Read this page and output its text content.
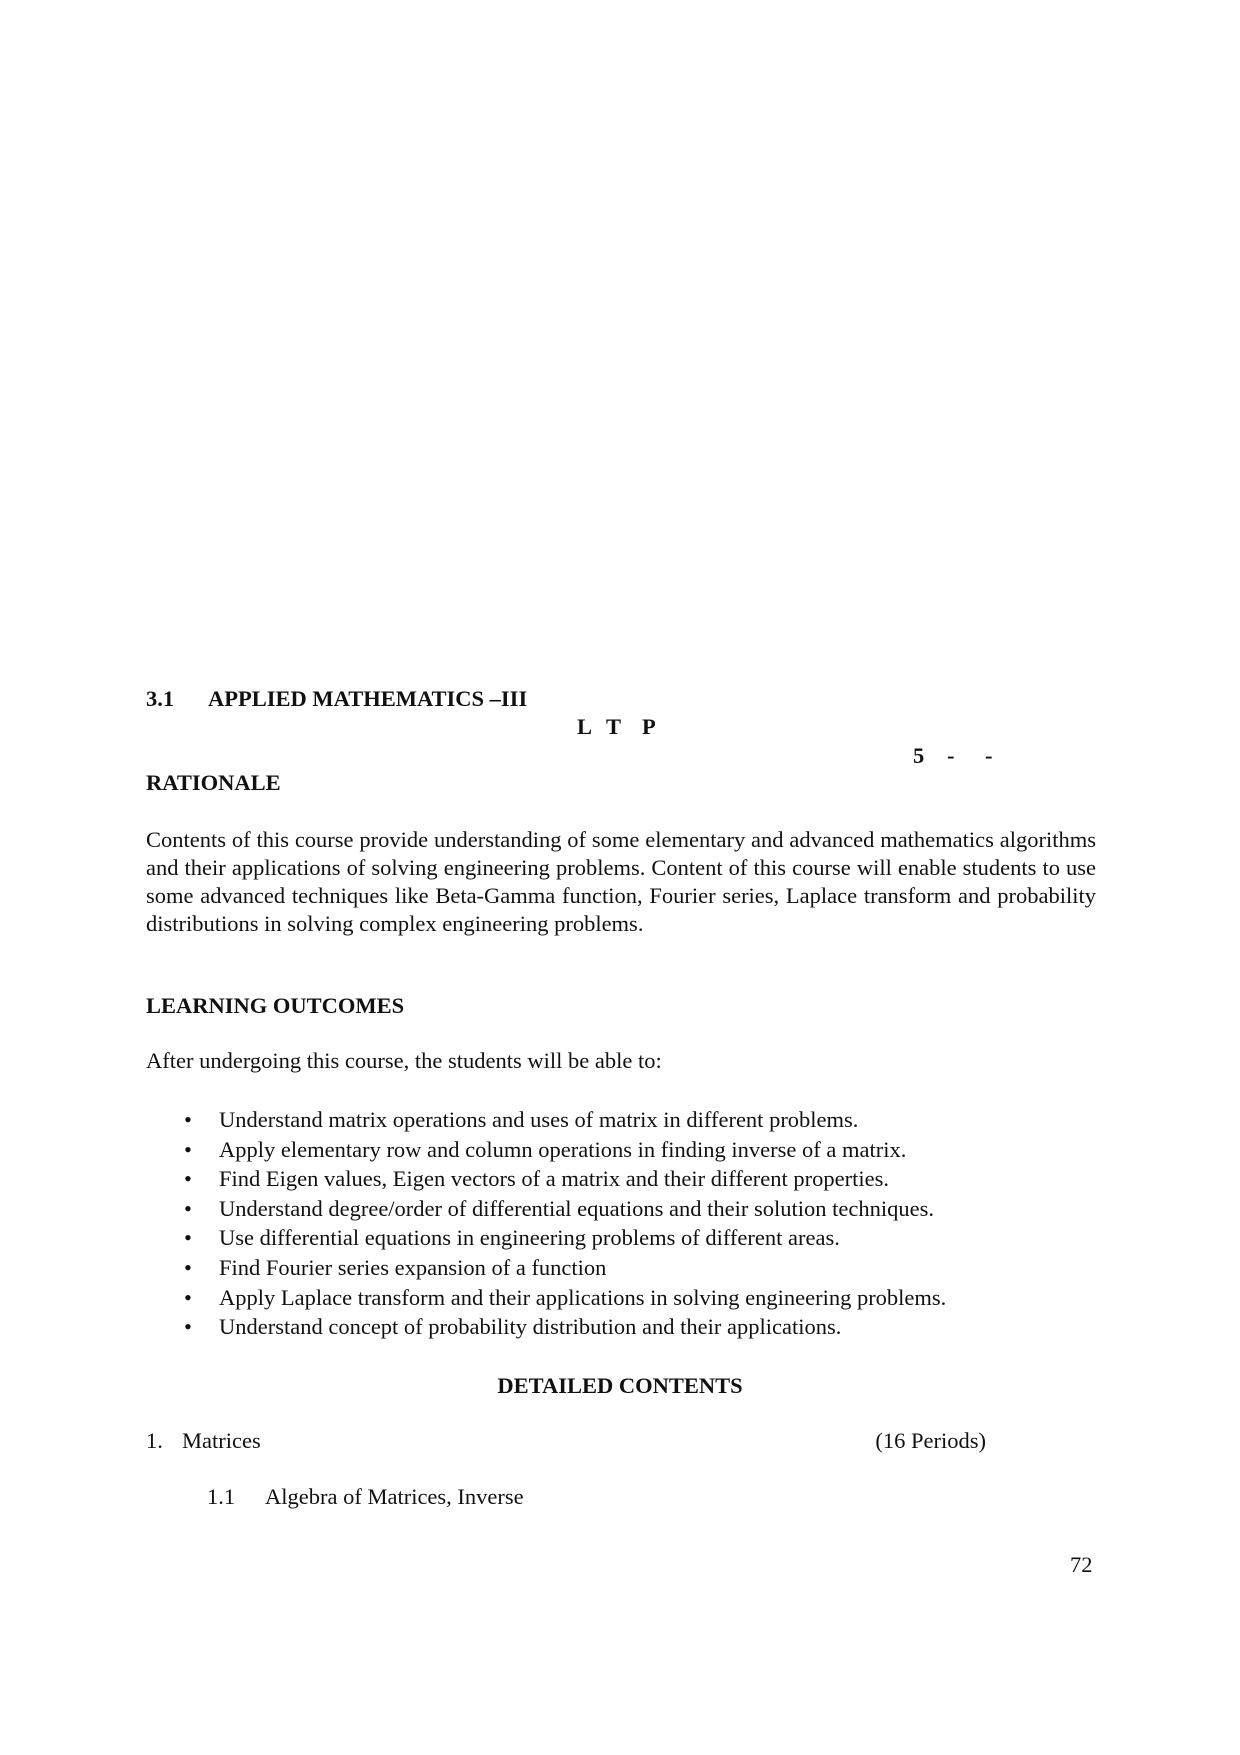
3.1 APPLIED MATHEMATICS –III
L T P
5 - -
RATIONALE

Contents of this course provide understanding of some elementary and advanced mathematics algorithms and their applications of solving engineering problems. Content of this course will enable students to use some advanced techniques like Beta-Gamma function, Fourier series, Laplace transform and probability distributions in solving complex engineering problems.

LEARNING OUTCOMES
After undergoing this course, the students will be able to:
• Understand matrix operations and uses of matrix in different problems.
• Apply elementary row and column operations in finding inverse of a matrix.
• Find Eigen values, Eigen vectors of a matrix and their different properties.
• Understand degree/order of differential equations and their solution techniques.
• Use differential equations in engineering problems of different areas.
• Find Fourier series expansion of a function
• Apply Laplace transform and their applications in solving engineering problems.
• Understand concept of probability distribution and their applications.
DETAILED CONTENTS
1. Matrices	(16 Periods)
1.1 Algebra of Matrices, Inverse
72
